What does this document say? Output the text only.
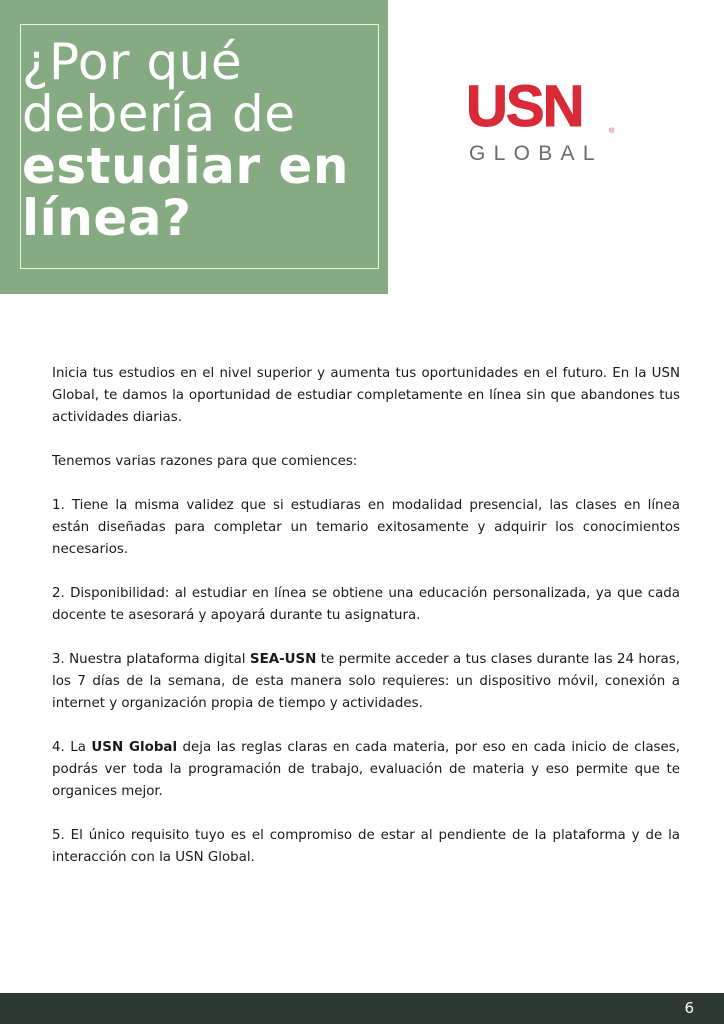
¿Por qué
debería de
estudiar en
línea?
USN	®
GLOBAL

Inicia tus estudios en el nivel superior y aumenta tus oportunidades en el futuro. En la USN Global, te damos la oportunidad de estudiar completamente en línea sin que abandones tus actividades diarias.

Tenemos varias razones para que comiences:

1. Tiene la misma validez que si estudiaras en modalidad presencial, las clases en línea están diseñadas para completar un temario exitosamente y adquirir los conocimientos necesarios.

2. Disponibilidad: al estudiar en línea se obtiene una educación personalizada, ya que cada docente te asesorará y apoyará durante tu asignatura.

3. Nuestra plataforma digital SEA-USN te permite acceder a tus clases durante las 24 horas, los 7 días de la semana, de esta manera solo requieres: un dispositivo móvil, conexión a internet y organización propia de tiempo y actividades.

4. La USN Global deja las reglas claras en cada materia, por eso en cada inicio de clases, podrás ver toda la programación de trabajo, evaluación de materia y eso permite que te organices mejor.

5. El único requisito tuyo es el compromiso de estar al pendiente de la plataforma y de la interacción con la USN Global.

6
